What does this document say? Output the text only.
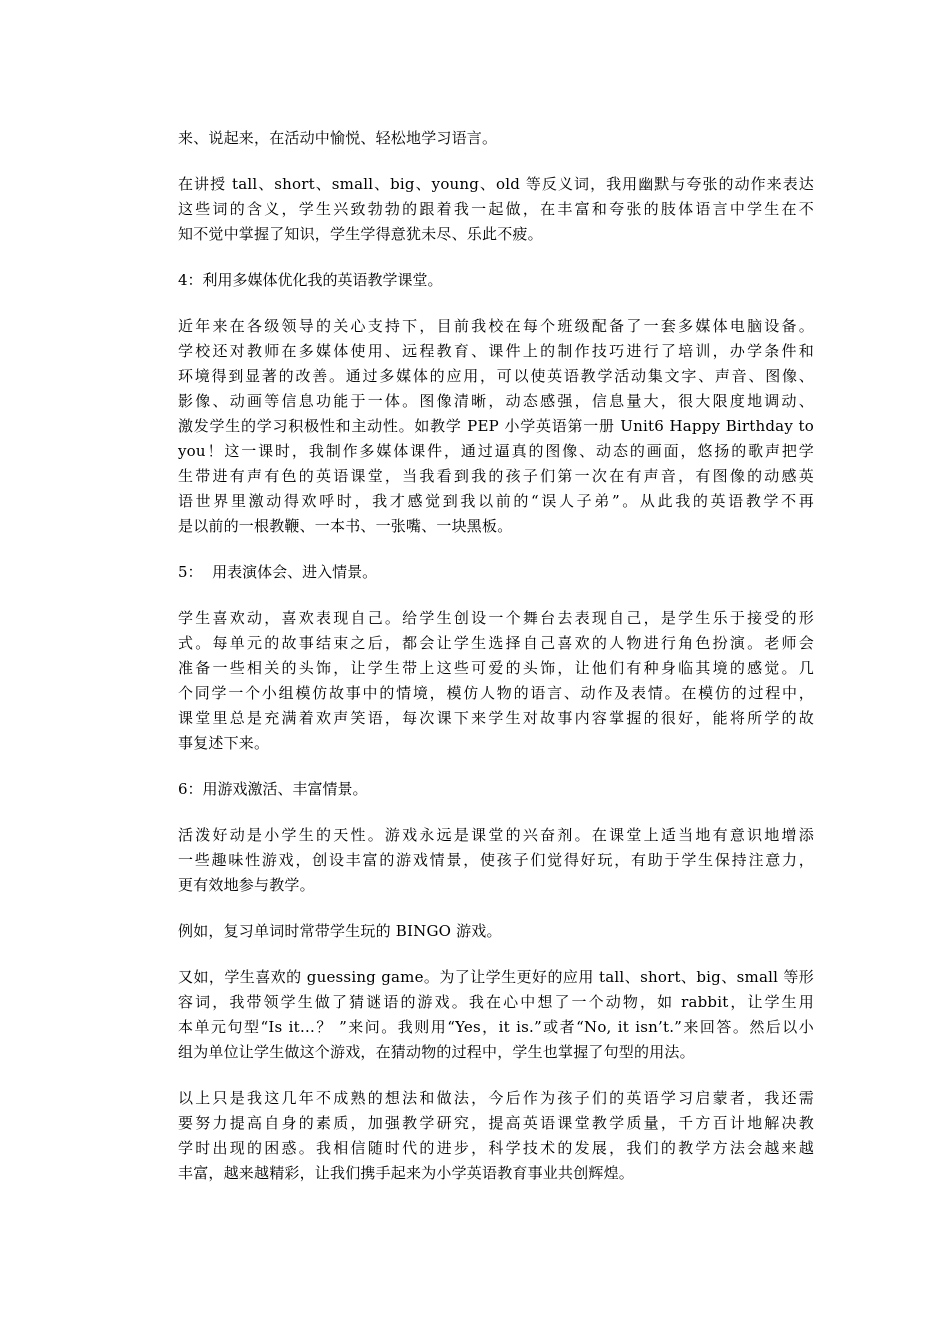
来、说起来，在活动中愉悦、轻松地学习语言。

在讲授 tall、short、small、big、young、old 等反义词，我用幽默与夸张的动作来表达
这些词的含义，学生兴致勃勃的跟着我一起做，在丰富和夸张的肢体语言中学生在不
知不觉中掌握了知识，学生学得意犹未尽、乐此不疲。

4：利用多媒体优化我的英语教学课堂。

近年来在各级领导的关心支持下，目前我校在每个班级配备了一套多媒体电脑设备。
学校还对教师在多媒体使用、远程教育、课件上的制作技巧进行了培训，办学条件和
环境得到显著的改善。通过多媒体的应用，可以使英语教学活动集文字、声音、图像、
影像、动画等信息功能于一体。图像清晰，动态感强，信息量大，很大限度地调动、
激发学生的学习积极性和主动性。如教学 PEP 小学英语第一册 Unit6 Happy Birthday to
you！这一课时，我制作多媒体课件，通过逼真的图像、动态的画面，悠扬的歌声把学
生带进有声有色的英语课堂，当我看到我的孩子们第一次在有声音，有图像的动感英
语世界里激动得欢呼时，我才感觉到我以前的“误人子弟”。从此我的英语教学不再
是以前的一根教鞭、一本书、一张嘴、一块黑板。

5：  用表演体会、进入情景。

学生喜欢动，喜欢表现自己。给学生创设一个舞台去表现自己，是学生乐于接受的形
式。每单元的故事结束之后，都会让学生选择自己喜欢的人物进行角色扮演。老师会
准备一些相关的头饰，让学生带上这些可爱的头饰，让他们有种身临其境的感觉。几
个同学一个小组模仿故事中的情境，模仿人物的语言、动作及表情。在模仿的过程中，
课堂里总是充满着欢声笑语，每次课下来学生对故事内容掌握的很好，能将所学的故
事复述下来。

6：用游戏激活、丰富情景。

活泼好动是小学生的天性。游戏永远是课堂的兴奋剂。在课堂上适当地有意识地增添
一些趣味性游戏，创设丰富的游戏情景，使孩子们觉得好玩，有助于学生保持注意力，
更有效地参与教学。

例如，复习单词时常带学生玩的 BINGO 游戏。

又如，学生喜欢的 guessing game。为了让学生更好的应用 tall、short、big、small 等形
容词，我带领学生做了猜谜语的游戏。我在心中想了一个动物，如 rabbit，让学生用
本单元句型“Is it…？ ”来问。我则用“Yes，it is.”或者“No, it isn’t.”来回答。然后以小
组为单位让学生做这个游戏，在猜动物的过程中，学生也掌握了句型的用法。

以上只是我这几年不成熟的想法和做法，今后作为孩子们的英语学习启蒙者，我还需
要努力提高自身的素质，加强教学研究，提高英语课堂教学质量，千方百计地解决教
学时出现的困惑。我相信随时代的进步，科学技术的发展，我们的教学方法会越来越
丰富，越来越精彩，让我们携手起来为小学英语教育事业共创辉煌。
